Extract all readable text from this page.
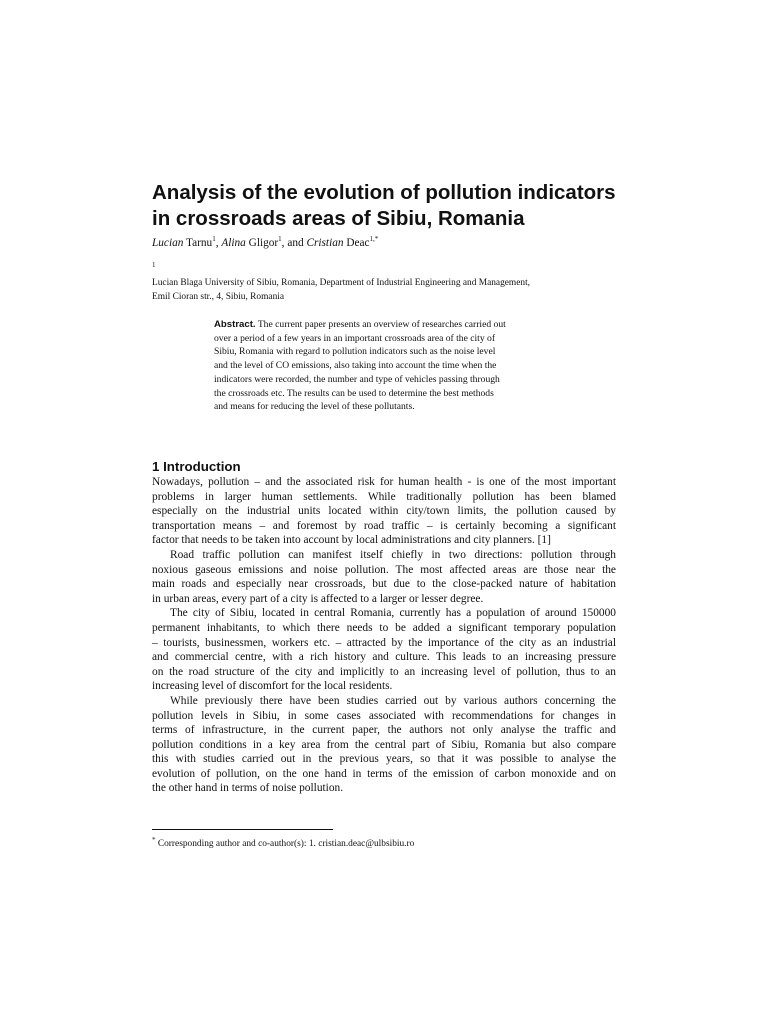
Analysis of the evolution of pollution indicators
in crossroads areas of Sibiu, Romania
Lucian Tarnu$^1$, Alina Gligor$^1$, and Cristian Deac$^{1,*}$
$^1$
Lucian Blaga University of Sibiu, Romania, Department of Industrial Engineering and Management,
Emil Cioran str., 4, Sibiu, Romania
Abstract. The current paper presents an overview of researches carried out
over a period of a few years in an important crossroads area of the city of
Sibiu, Romania with regard to pollution indicators such as the noise level
and the level of CO emissions, also taking into account the time when the
indicators were recorded, the number and type of vehicles passing through
the crossroads etc. The results can be used to determine the best methods
and means for reducing the level of these pollutants.
1 Introduction
Nowadays, pollution – and the associated risk for human health - is one of the most important
problems in larger human settlements. While traditionally pollution has been blamed
especially on the industrial units located within city/town limits, the pollution caused by
transportation means – and foremost by road traffic – is certainly becoming a significant
factor that needs to be taken into account by local administrations and city planners. [1]
Road traffic pollution can manifest itself chiefly in two directions: pollution through
noxious gaseous emissions and noise pollution. The most affected areas are those near the
main roads and especially near crossroads, but due to the close-packed nature of habitation
in urban areas, every part of a city is affected to a larger or lesser degree.
The city of Sibiu, located in central Romania, currently has a population of around 150000
permanent inhabitants, to which there needs to be added a significant temporary population
– tourists, businessmen, workers etc. – attracted by the importance of the city as an industrial
and commercial centre, with a rich history and culture. This leads to an increasing pressure
on the road structure of the city and implicitly to an increasing level of pollution, thus to an
increasing level of discomfort for the local residents.
While previously there have been studies carried out by various authors concerning the
pollution levels in Sibiu, in some cases associated with recommendations for changes in
terms of infrastructure, in the current paper, the authors not only analyse the traffic and
pollution conditions in a key area from the central part of Sibiu, Romania but also compare
this with studies carried out in the previous years, so that it was possible to analyse the
evolution of pollution, on the one hand in terms of the emission of carbon monoxide and on
the other hand in terms of noise pollution.
* Corresponding author and co-author(s): 1. cristian.deac@ulbsibiu.ro
